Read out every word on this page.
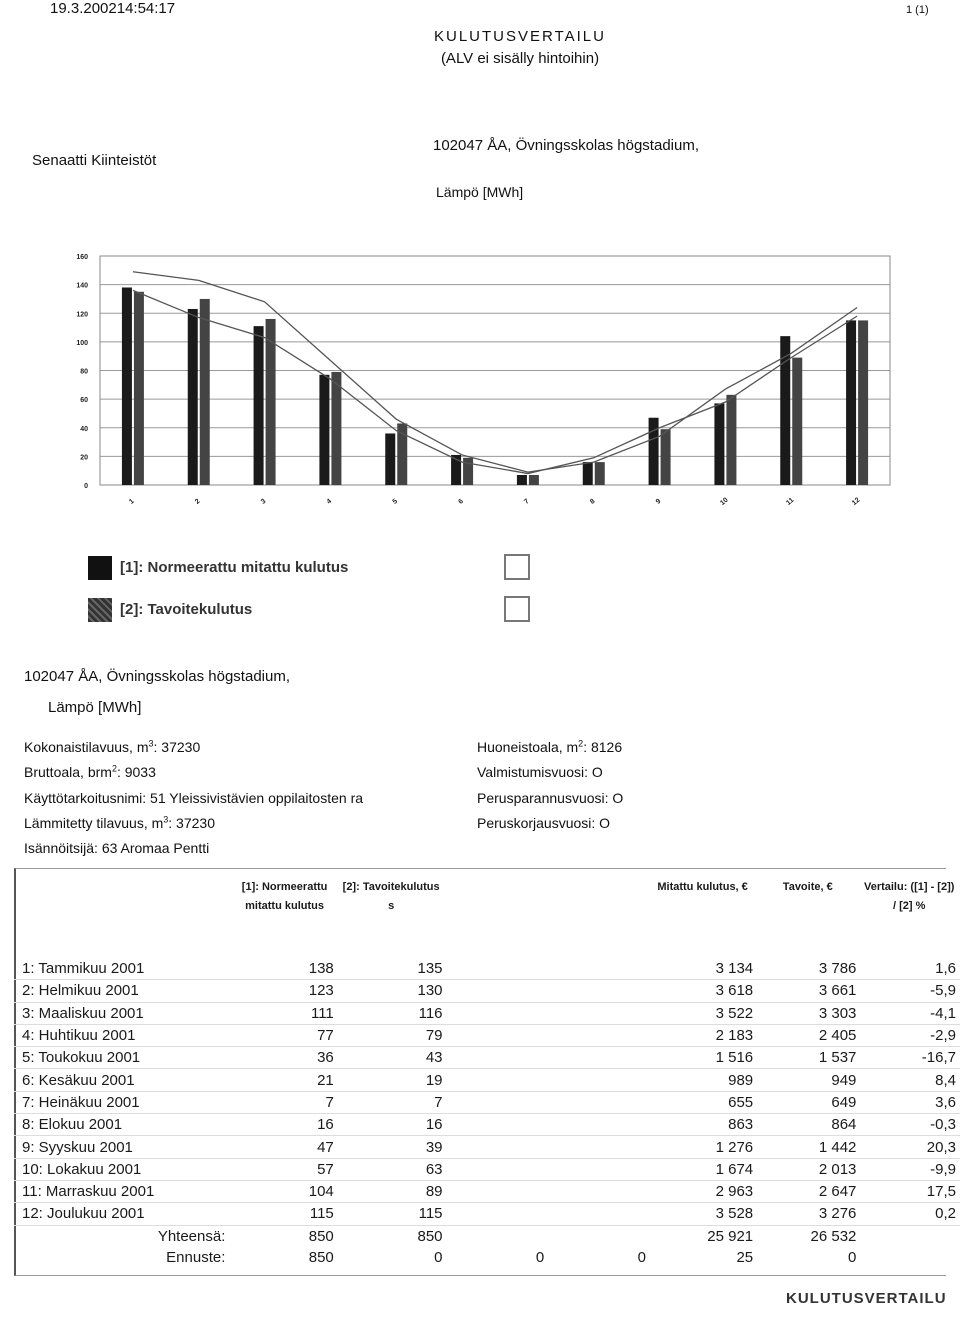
19.3.200214:54:17	1 (1)
KULUTUSVERTAILU
(ALV ei sisälly hintoihin)
Senaatti Kiinteistöt
102047 ÅA, Övningsskolas högstadium,
Lämpö [MWh]
160
140
120
100
80
60
40
20
0
1	2	3	4	5	6	7	8	9	10	11	12
[1]: Normeerattu mitattu kulutus
[2]: Tavoitekulutus
102047 ÅA, Övningsskolas högstadium,
Lämpö [MWh]
Kokonaistilavuus, $m^3$: 37230
Bruttoala, brm$^2$: 9033
Käyttötarkoitusnimi: 51 Yleissivistävien oppilaitosten ra
Lämmitetty tilavuus, $m^3$: 37230
Isännöitsijä: 63 Aromaa Pentti
Huoneistoala, $m^2$: 8126
Valmistumisvuosi: O
Perusparannusvuosi: O
Peruskorjausvuosi: O
	[1]: Normeerattu mitattu kulutus	[2]: Tavoitekulutus s			Mitattu kulutus, €	Tavoite, €	Vertailu: ([1] - [2]) / [2] %
1: Tammikuu 2001	138	135			3 134	3 786	1,6
2: Helmikuu 2001	123	130			3 618	3 661	-5,9
3: Maaliskuu 2001	111	116			3 522	3 303	-4,1
4: Huhtikuu 2001	77	79			2 183	2 405	-2,9
5: Toukokuu 2001	36	43			1 516	1 537	-16,7
6: Kesäkuu 2001	21	19			989	949	8,4
7: Heinäkuu 2001	7	7			655	649	3,6
8: Elokuu 2001	16	16			863	864	-0,3
9: Syyskuu 2001	47	39			1 276	1 442	20,3
10: Lokakuu 2001	57	63			1 674	2 013	-9,9
11: Marraskuu 2001	104	89			2 963	2 647	17,5
12: Joulukuu 2001	115	115			3 528	3 276	0,2
Yhteensä:	850	850			25 921	26 532	
Ennuste:	850	0	0	0	25	0	
KULUTUSVERTAILU
